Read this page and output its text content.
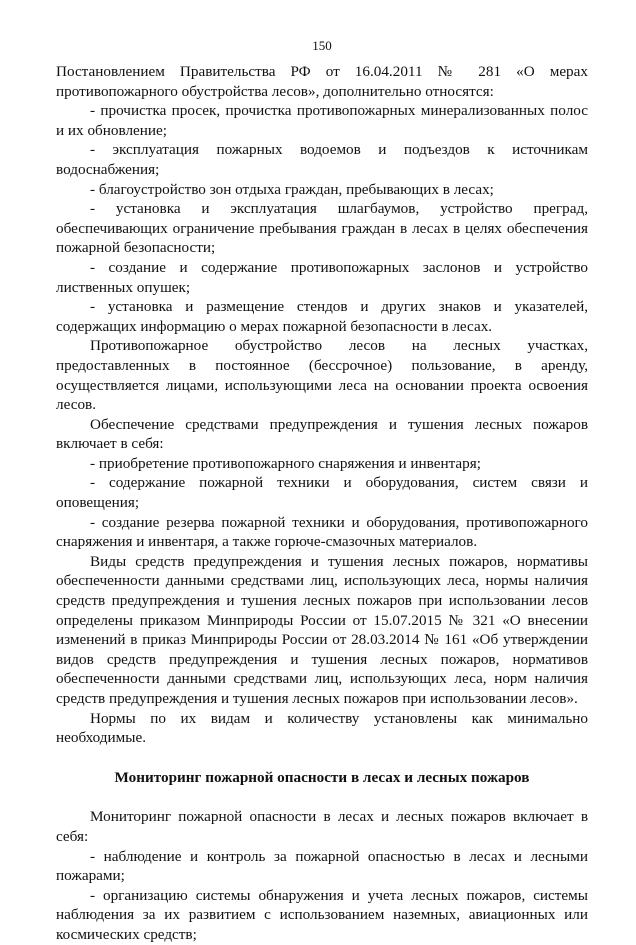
150

Постановлением Правительства РФ от 16.04.2011 № 281 «О мерах противопожарного обустройства лесов», дополнительно относятся:

- прочистка просек, прочистка противопожарных минерализованных полос и их обновление;

- эксплуатация пожарных водоемов и подъездов к источникам водоснабжения;

- благоустройство зон отдыха граждан, пребывающих в лесах;

- установка и эксплуатация шлагбаумов, устройство преград, обеспечивающих ограничение пребывания граждан в лесах в целях обеспечения пожарной безопасности;

- создание и содержание противопожарных заслонов и устройство лиственных опушек;

- установка и размещение стендов и других знаков и указателей, содержащих информацию о мерах пожарной безопасности в лесах.

Противопожарное обустройство лесов на лесных участках, предоставленных в постоянное (бессрочное) пользование, в аренду, осуществляется лицами, использующими леса на основании проекта освоения лесов.

Обеспечение средствами предупреждения и тушения лесных пожаров включает в себя:

- приобретение противопожарного снаряжения и инвентаря;

- содержание пожарной техники и оборудования, систем связи и оповещения;

- создание резерва пожарной техники и оборудования, противопожарного снаряжения и инвентаря, а также горюче-смазочных материалов.

Виды средств предупреждения и тушения лесных пожаров, нормативы обеспеченности данными средствами лиц, использующих леса, нормы наличия средств предупреждения и тушения лесных пожаров при использовании лесов определены приказом Минприроды России от 15.07.2015 № 321 «О внесении изменений в приказ Минприроды России от 28.03.2014 № 161 «Об утверждении видов средств предупреждения и тушения лесных пожаров, нормативов обеспеченности данными средствами лиц, использующих леса, норм наличия средств предупреждения и тушения лесных пожаров при использовании лесов».

Нормы по их видам и количеству установлены как минимально необходимые.

Мониторинг пожарной опасности в лесах и лесных пожаров

Мониторинг пожарной опасности в лесах и лесных пожаров включает в себя:

- наблюдение и контроль за пожарной опасностью в лесах и лесными пожарами;

- организацию системы обнаружения и учета лесных пожаров, системы наблюдения за их развитием с использованием наземных, авиационных или космических средств;
